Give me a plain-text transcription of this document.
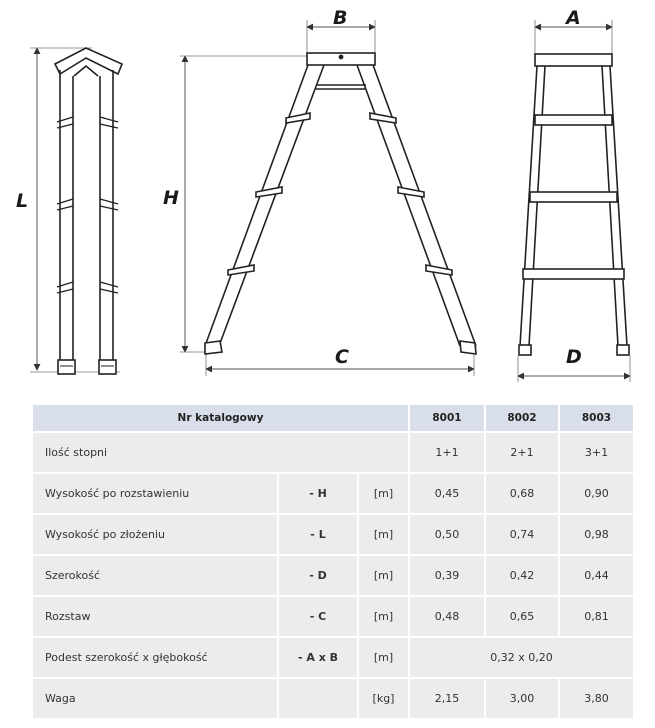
L
B
H
C
A
D
Nr katalogowy			8001	8002	8003
Ilość stopni			1+1	2+1	3+1
Wysokość po rozstawieniu	- H	[m]	0,45	0,68	0,90
Wysokość po złożeniu	- L	[m]	0,50	0,74	0,98
Szerokość	- D	[m]	0,39	0,42	0,44
Rozstaw	- C	[m]	0,48	0,65	0,81
Podest szerokość x głębokość	- A x B	[m]	0,32 x 0,20		
Waga		[kg]	2,15	3,00	3,80
